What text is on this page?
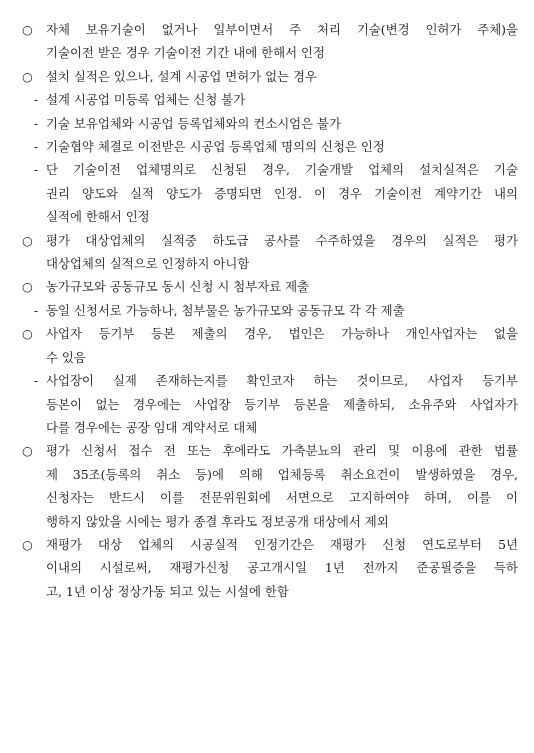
○	자체 보유기술이 없거나 일부이면서 주 처리 기술(변경 인허가 주체)을
기술이전 받은 경우 기술이전 기간 내에 한해서 인정
○	설치 실적은 있으나, 설계 시공업 면허가 없는 경우
- 설계 시공업 미등록 업체는 신청 불가
- 기술 보유업체와 시공업 등록업체와의 컨소시엄은 불가
- 기술협약 체결로 이전받은 시공업 등록업체 명의의 신청은 인정
- 단 기술이전 업체명의로 신청된 경우, 기술개발 업체의 설치실적은 기술
권리 양도와 실적 양도가 증명되면 인정. 이 경우 기술이전 계약기간 내의
실적에 한해서 인정
○	평가 대상업체의 실적중 하도급 공사를 수주하였을 경우의 실적은 평가
대상업체의 실적으로 인정하지 아니함
○	농가규모와 공동규모 동시 신청 시 첨부자료 제출
- 동일 신청서로 가능하나, 첨부물은 농가규모와 공동규모 각 각 제출
○	사업자 등기부 등본 제출의 경우, 법인은 가능하나 개인사업자는 없을
수 있음
- 사업장이 실제 존재하는지를 확인코자 하는 것이므로, 사업자 등기부
등본이 없는 경우에는 사업장 등기부 등본을 제출하되, 소유주와 사업자가
다를 경우에는 공장 임대 계약서로 대체
○	평가 신청서 접수 전 또는 후에라도 가축분뇨의 관리 및 이용에 관한 법률
제 35조(등록의 취소 등)에 의해 업체등록 취소요건이 발생하였을 경우,
신청자는 반드시 이를 전문위원회에 서면으로 고지하여야 하며, 이를 이
행하지 않았을 시에는 평가 종결 후라도 정보공개 대상에서 제외
○	재평가 대상 업체의 시공실적 인정기간은 재평가 신청 연도로부터 5년
이내의 시설로써, 재평가신청 공고개시일 1년 전까지 준공필증을 득하
고, 1년 이상 정상가동 되고 있는 시설에 한함
